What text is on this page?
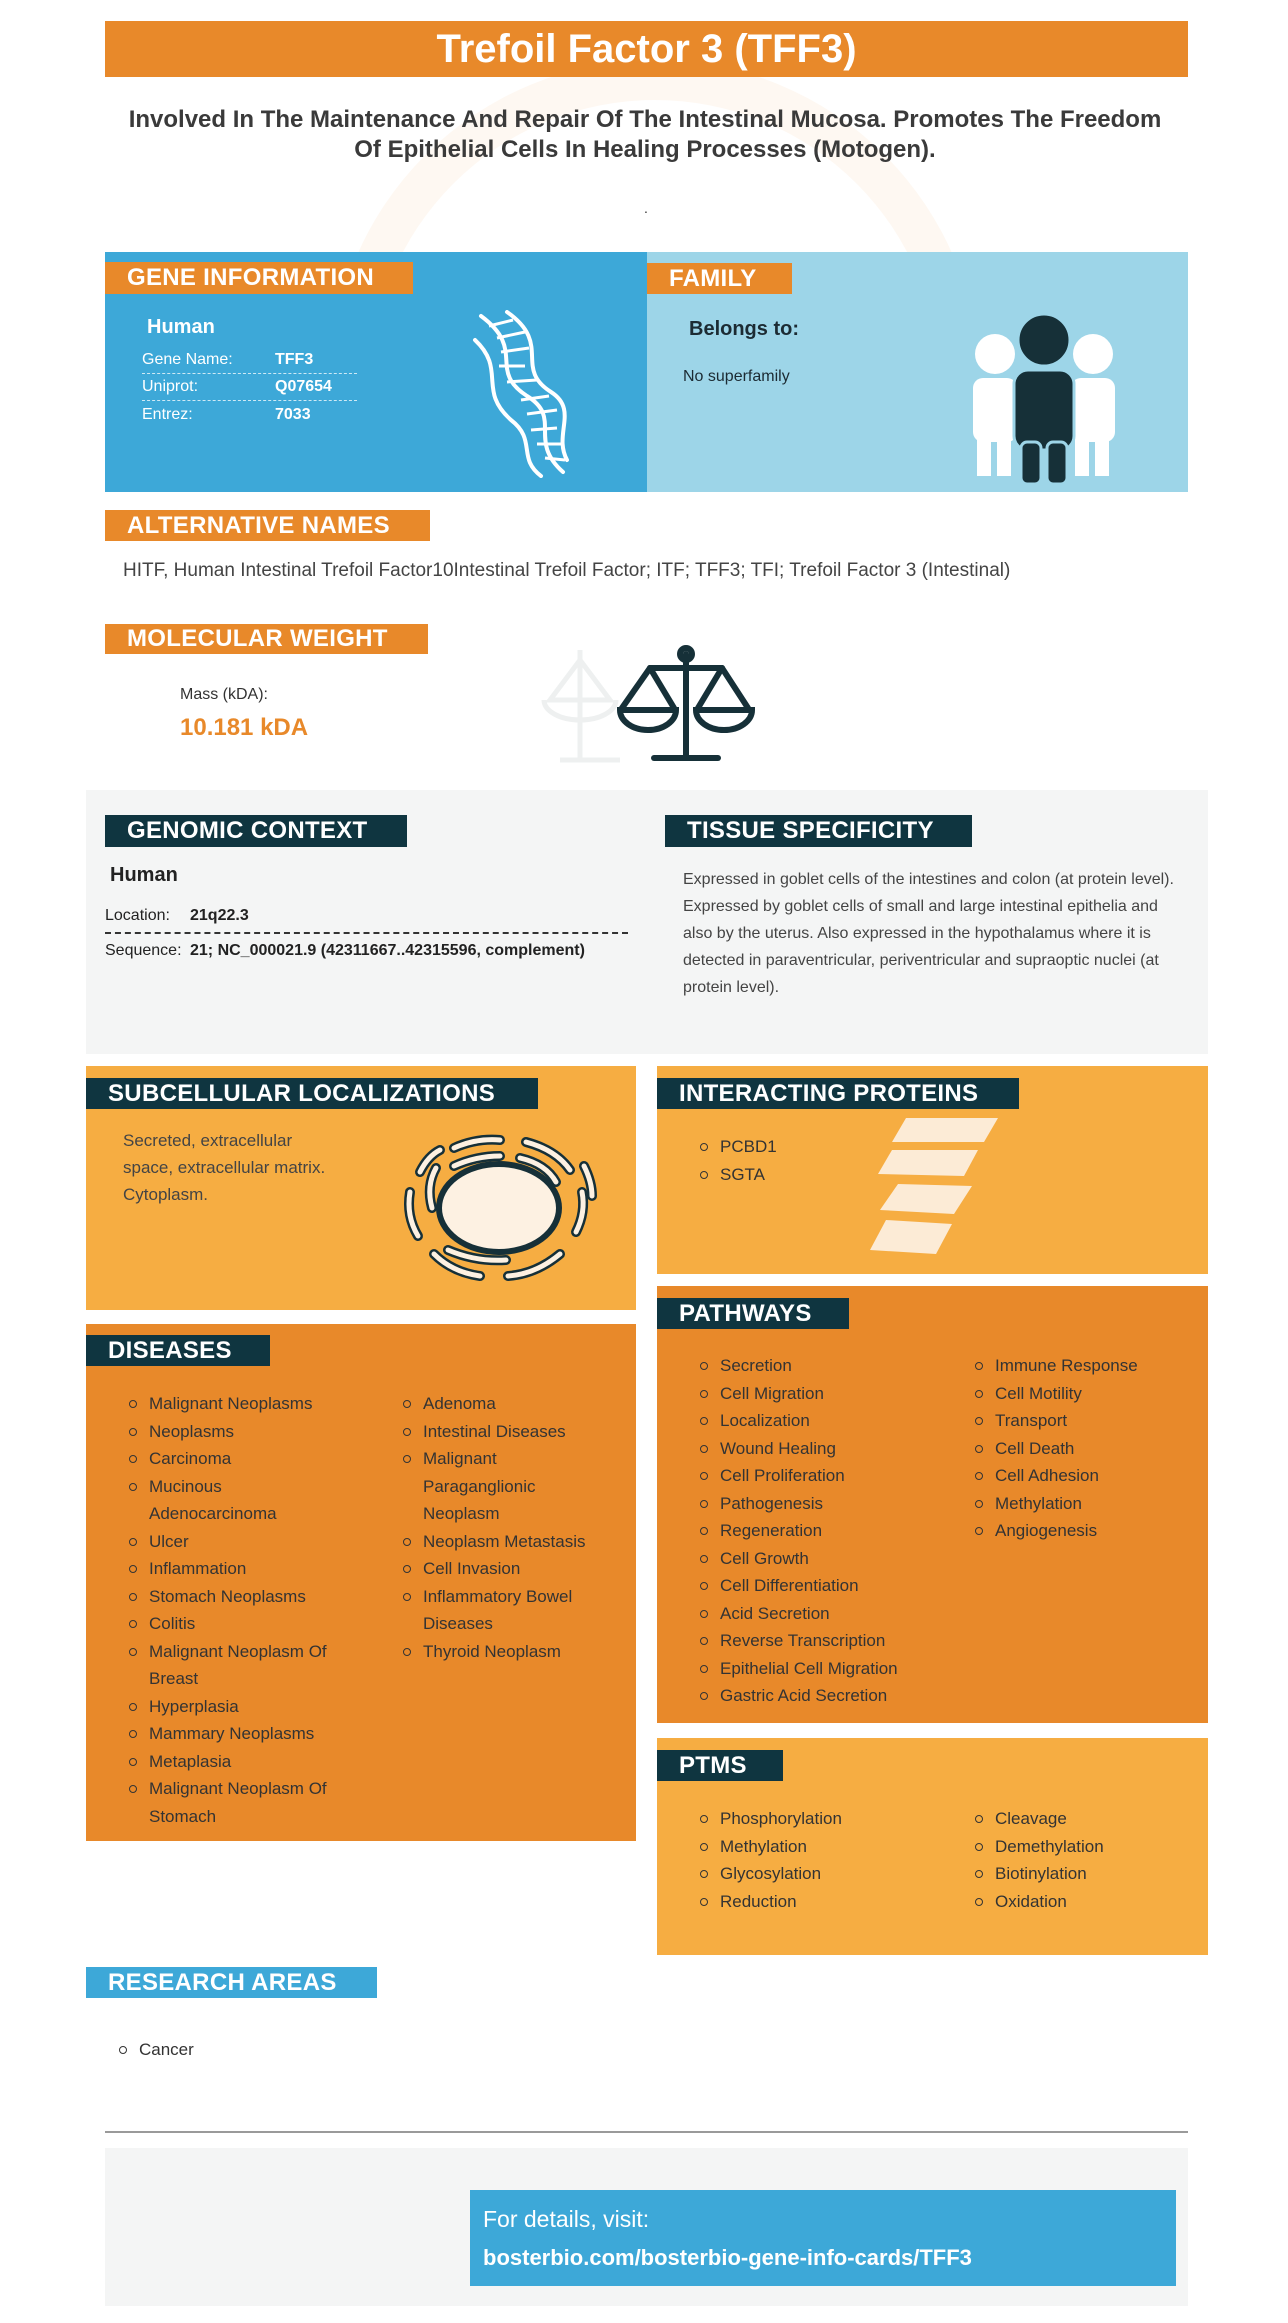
Trefoil Factor 3 (TFF3)
Involved In The Maintenance And Repair Of The Intestinal Mucosa. Promotes The Freedom Of Epithelial Cells In Healing Processes (Motogen).
.
GENE INFORMATION
Human
Gene Name:	TFF3
Uniprot:	Q07654
Entrez:	7033
FAMILY
Belongs to:
No superfamily
ALTERNATIVE NAMES
HITF, Human Intestinal Trefoil Factor10Intestinal Trefoil Factor; ITF; TFF3; TFI; Trefoil Factor 3 (Intestinal)
MOLECULAR WEIGHT
Mass (kDA):
10.181 kDA
GENOMIC CONTEXT
Human
Location: 21q22.3
Sequence: 21; NC_000021.9 (42311667..42315596, complement)
TISSUE SPECIFICITY
Expressed in goblet cells of the intestines and colon (at protein level). Expressed by goblet cells of small and large intestinal epithelia and also by the uterus. Also expressed in the hypothalamus where it is detected in paraventricular, periventricular and supraoptic nuclei (at protein level).
SUBCELLULAR LOCALIZATIONS
Secreted, extracellular space, extracellular matrix. Cytoplasm.
INTERACTING PROTEINS
PCBD1
SGTA
DISEASES
Malignant Neoplasms
Neoplasms
Carcinoma
Mucinous Adenocarcinoma
Ulcer
Inflammation
Stomach Neoplasms
Colitis
Malignant Neoplasm Of Breast
Hyperplasia
Mammary Neoplasms
Metaplasia
Malignant Neoplasm Of Stomach
Adenoma
Intestinal Diseases
Malignant Paraganglionic Neoplasm
Neoplasm Metastasis
Cell Invasion
Inflammatory Bowel Diseases
Thyroid Neoplasm
PATHWAYS
Secretion
Cell Migration
Localization
Wound Healing
Cell Proliferation
Pathogenesis
Regeneration
Cell Growth
Cell Differentiation
Acid Secretion
Reverse Transcription
Epithelial Cell Migration
Gastric Acid Secretion
Immune Response
Cell Motility
Transport
Cell Death
Cell Adhesion
Methylation
Angiogenesis
PTMS
Phosphorylation
Methylation
Glycosylation
Reduction
Cleavage
Demethylation
Biotinylation
Oxidation
RESEARCH AREAS
Cancer
For details, visit:
bosterbio.com/bosterbio-gene-info-cards/TFF3
